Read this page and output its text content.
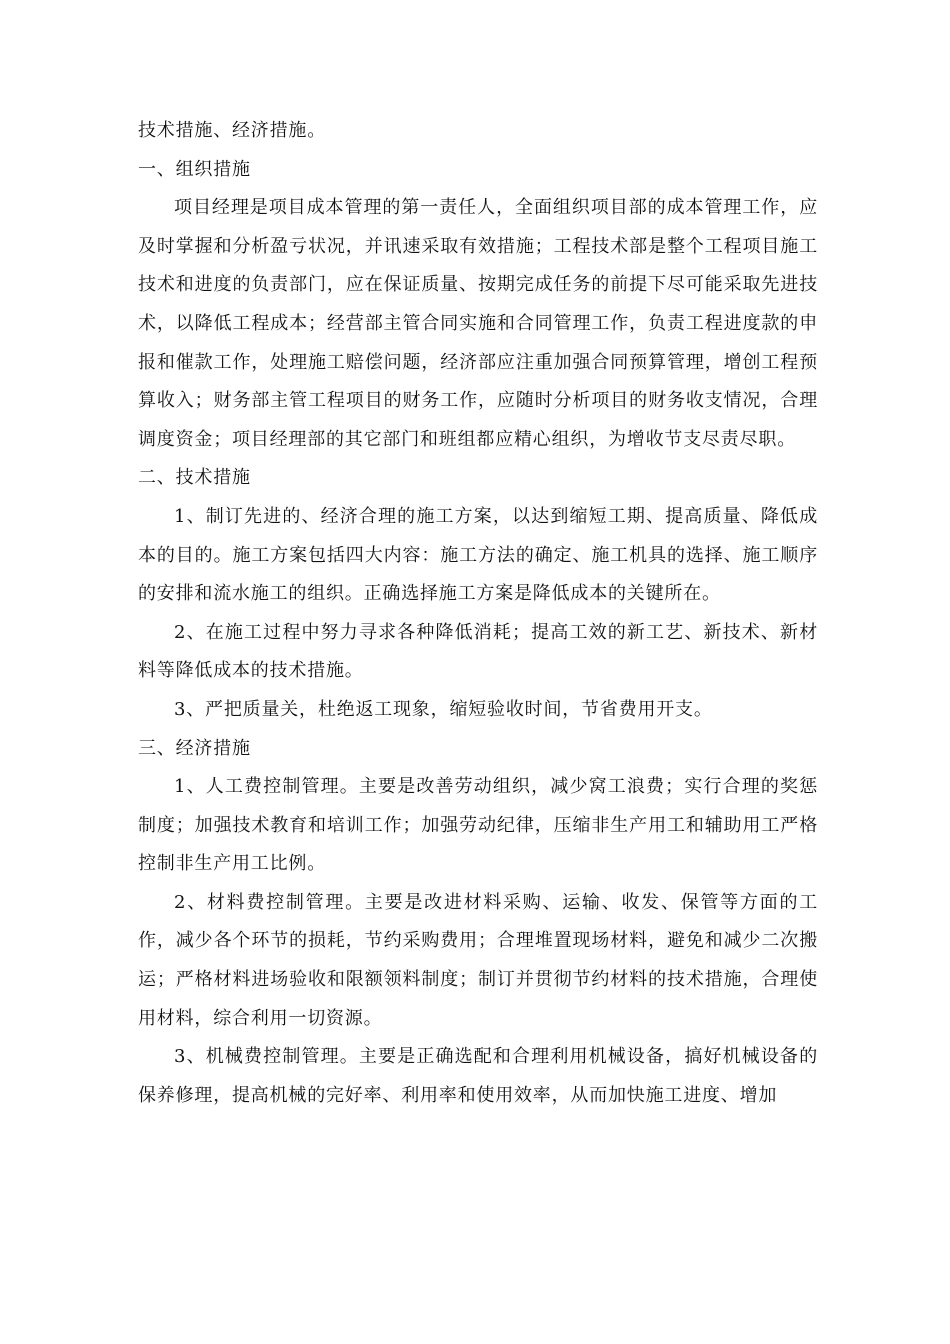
技术措施、经济措施。

一、组织措施

项目经理是项目成本管理的第一责任人，全面组织项目部的成本管理工作，应及时掌握和分析盈亏状况，并讯速采取有效措施；工程技术部是整个工程项目施工技术和进度的负责部门，应在保证质量、按期完成任务的前提下尽可能采取先进技术，以降低工程成本；经营部主管合同实施和合同管理工作，负责工程进度款的申报和催款工作，处理施工赔偿问题，经济部应注重加强合同预算管理，增创工程预算收入；财务部主管工程项目的财务工作，应随时分析项目的财务收支情况，合理调度资金；项目经理部的其它部门和班组都应精心组织，为增收节支尽责尽职。

二、技术措施

1、制订先进的、经济合理的施工方案，以达到缩短工期、提高质量、降低成本的目的。施工方案包括四大内容：施工方法的确定、施工机具的选择、施工顺序的安排和流水施工的组织。正确选择施工方案是降低成本的关键所在。

2、在施工过程中努力寻求各种降低消耗；提高工效的新工艺、新技术、新材料等降低成本的技术措施。

3、严把质量关，杜绝返工现象，缩短验收时间，节省费用开支。

三、经济措施

1、人工费控制管理。主要是改善劳动组织，减少窝工浪费；实行合理的奖惩制度；加强技术教育和培训工作；加强劳动纪律，压缩非生产用工和辅助用工严格控制非生产用工比例。

2、材料费控制管理。主要是改进材料采购、运输、收发、保管等方面的工作，减少各个环节的损耗，节约采购费用；合理堆置现场材料，避免和减少二次搬运；严格材料进场验收和限额领料制度；制订并贯彻节约材料的技术措施，合理使用材料，综合利用一切资源。

3、机械费控制管理。主要是正确选配和合理利用机械设备，搞好机械设备的保养修理，提高机械的完好率、利用率和使用效率，从而加快施工进度、增加
